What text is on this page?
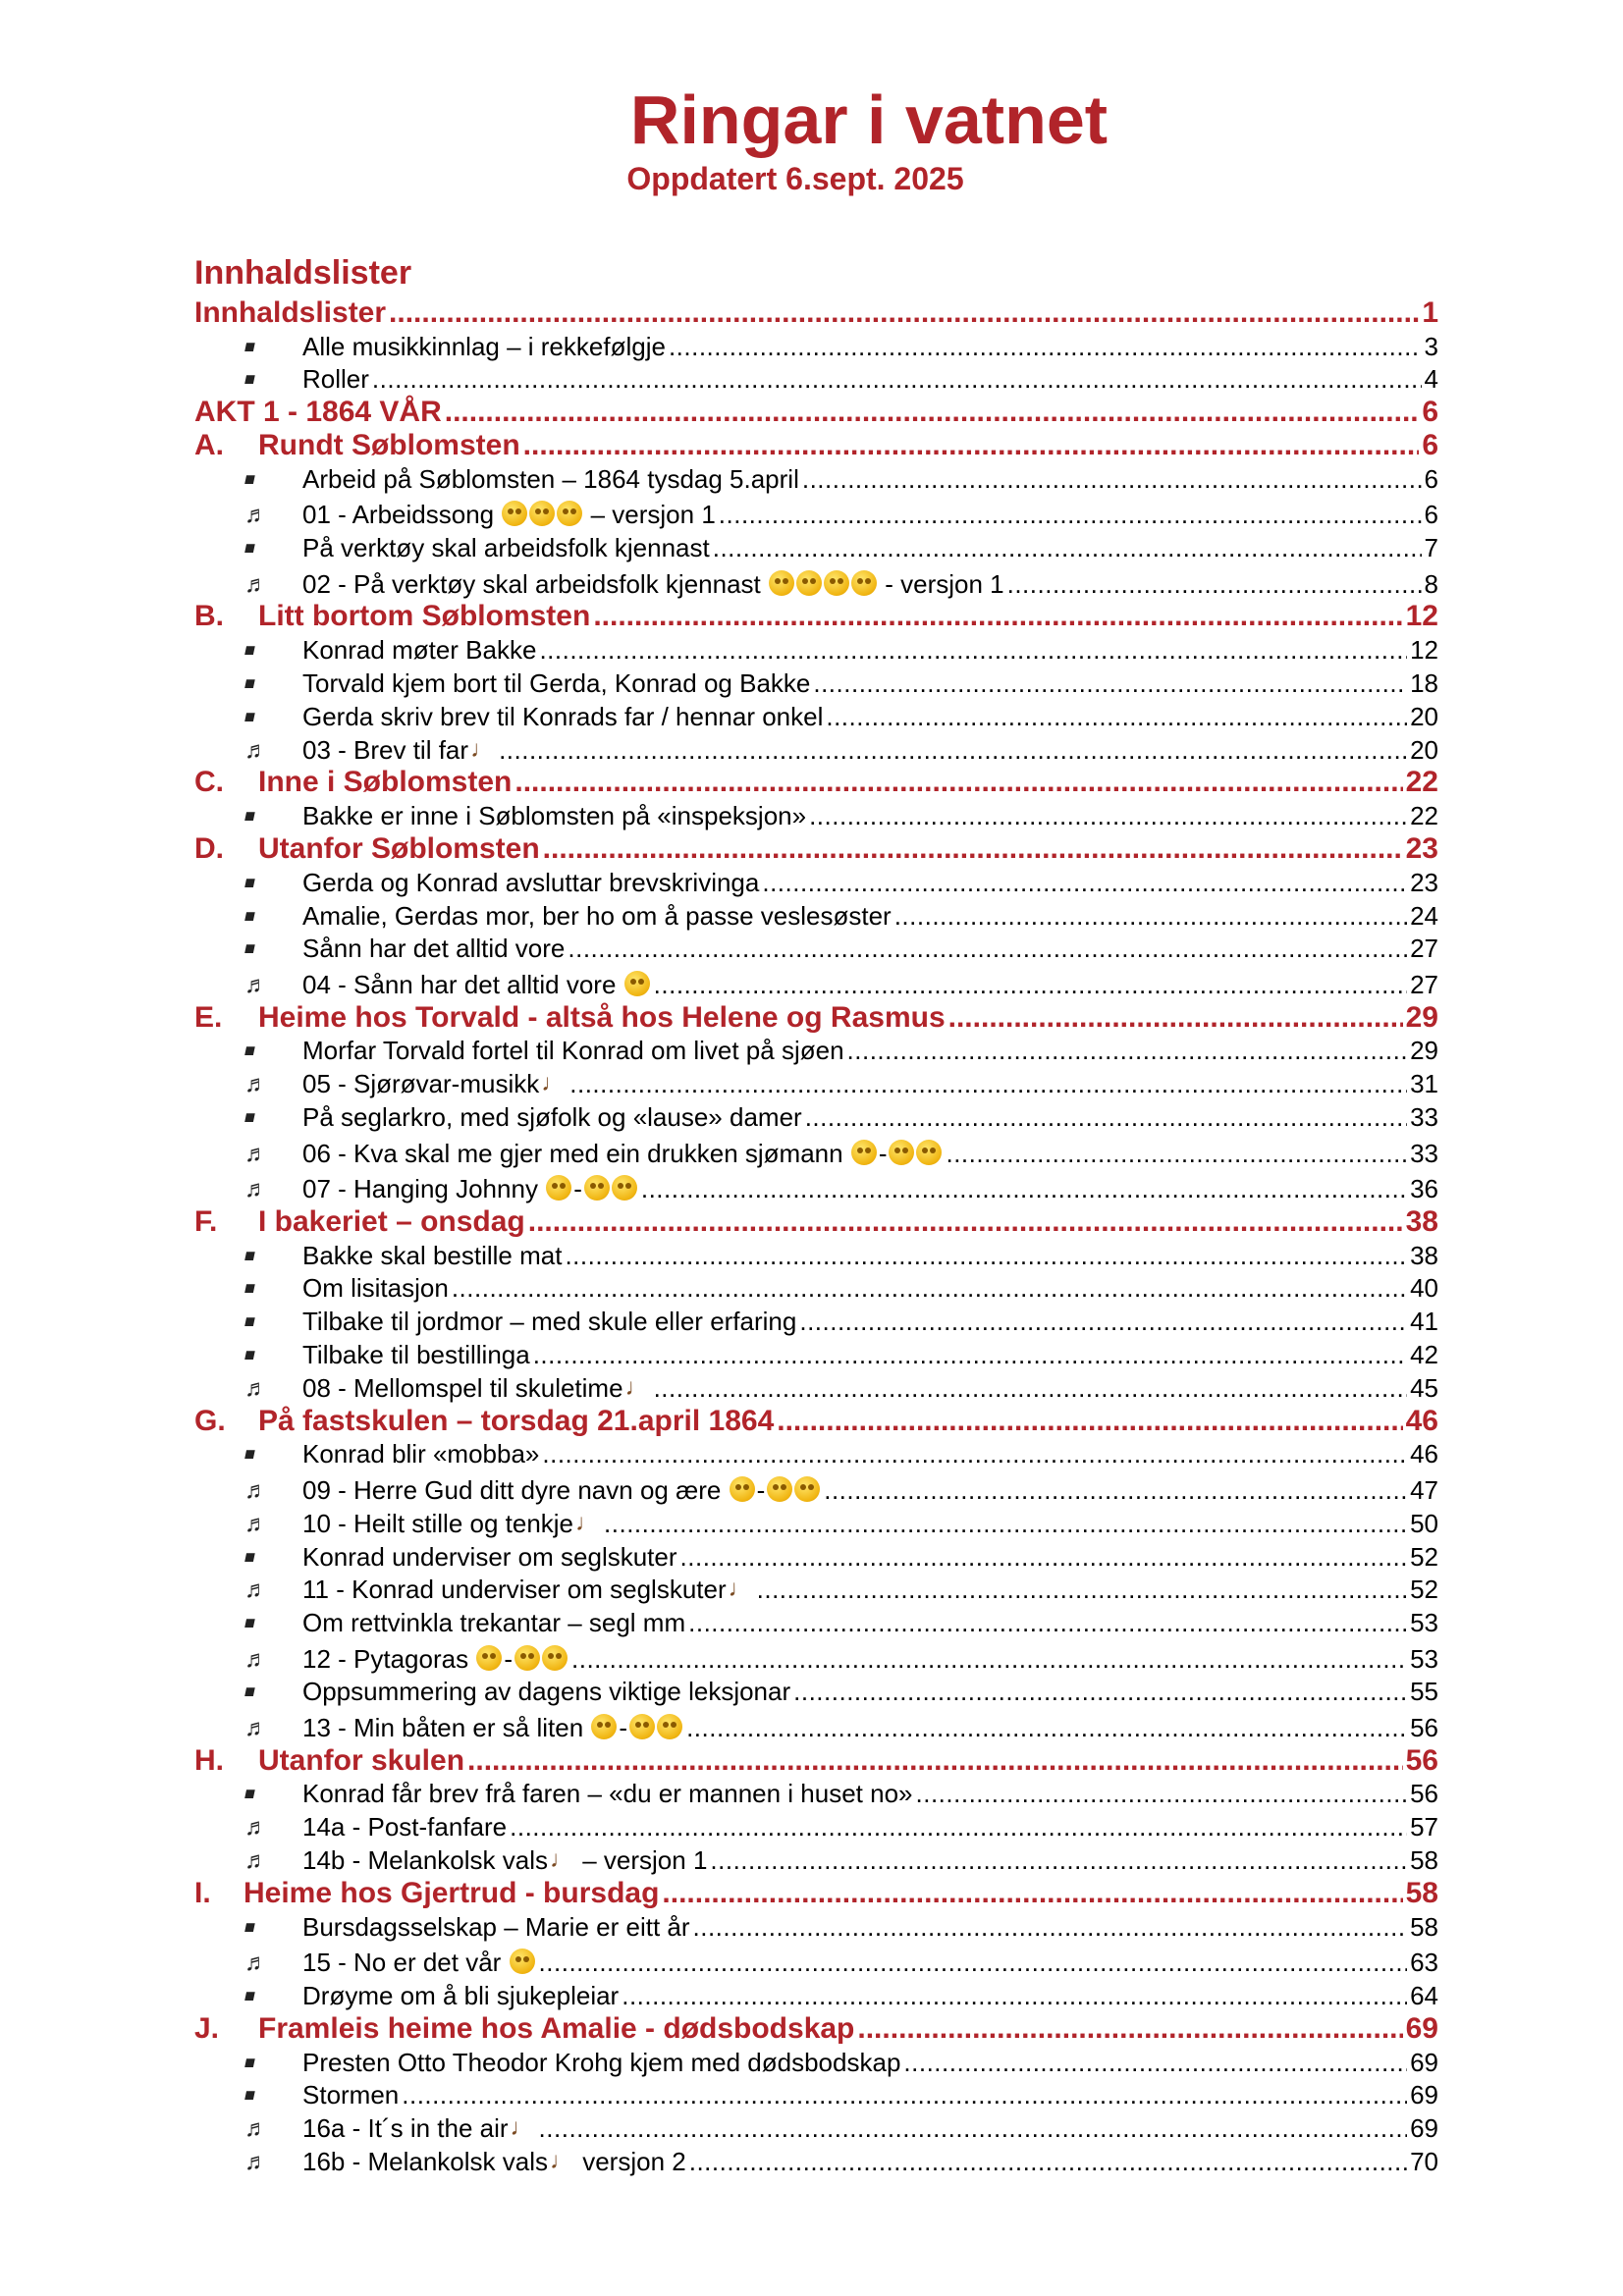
Ringar i vatnet
Oppdatert 6.sept. 2025
Innhaldslister
Innhaldslister .....	1
■	Alle musikkinnlag – i rekkefølgje .....	3
■	Roller .....	4
AKT 1 - 1864 VÅR .....	6
A.	Rundt Søblomsten .....	6
■	Arbeid på Søblomsten – 1864 tysdag 5.april .....	6
♬	01 - Arbeidssong	– versjon 1 .....	6
■	På verktøy skal arbeidsfolk kjennast .....	7
♬	02 - På verktøy skal arbeidsfolk kjennast	- versjon 1 .....	8
B.	Litt bortom Søblomsten .....	12
■	Konrad møter Bakke .....	12
■	Torvald kjem bort til Gerda, Konrad og Bakke .....	18
■	Gerda skriv brev til Konrads far / hennar onkel .....	20
♬	03 - Brev til far♩ .....	20
C.	Inne i Søblomsten .....	22
■	Bakke er inne i Søblomsten på «inspeksjon» .....	22
D.	Utanfor Søblomsten .....	23
■	Gerda og Konrad avsluttar brevskrivinga .....	23
■	Amalie, Gerdas mor, ber ho om å passe veslesøster .....	24
■	Sånn har det alltid vore .....	27
♬	04 - Sånn har det alltid vore .....	27
E.	Heime hos Torvald - altså hos Helene og Rasmus .....	29
■	Morfar Torvald fortel til Konrad om livet på sjøen .....	29
♬	05 - Sjørøvar-musikk♩ .....	31
■	På seglarkro, med sjøfolk og «lause» damer .....	33
♬	06 - Kva skal me gjer med ein drukken sjømann - .....	33
♬	07 - Hanging Johnny - .....	36
F.	I bakeriet – onsdag .....	38
■	Bakke skal bestille mat .....	38
■	Om lisitasjon .....	40
■	Tilbake til jordmor – med skule eller erfaring .....	41
■	Tilbake til bestillinga .....	42
♬	08 - Mellomspel til skuletime♩ .....	45
G.	På fastskulen – torsdag 21.april 1864 .....	46
■	Konrad blir «mobba» .....	46
♬	09 - Herre Gud ditt dyre navn og ære - .....	47
♬	10 - Heilt stille og tenkje♩ .....	50
■	Konrad underviser om seglskuter .....	52
♬	11 - Konrad underviser om seglskuter♩ .....	52
■	Om rettvinkla trekantar – segl mm .....	53
♬	12 - Pytagoras - .....	53
■	Oppsummering av dagens viktige leksjonar .....	55
♬	13 - Min båten er så liten - .....	56
H.	Utanfor skulen .....	56
■	Konrad får brev frå faren – «du er mannen i huset no» .....	56
♬	14a - Post-fanfare .....	57
♬	14b - Melankolsk vals♩ – versjon 1 .....	58
I.	Heime hos Gjertrud - bursdag .....	58
■	Bursdagsselskap – Marie er eitt år .....	58
♬	15 - No er det vår .....	63
■	Drøyme om å bli sjukepleiar .....	64
J.	Framleis heime hos Amalie - dødsbodskap .....	69
■	Presten Otto Theodor Krohg kjem med dødsbodskap .....	69
■	Stormen .....	69
♬	16a - It´s in the air♩ .....	69
♬	16b - Melankolsk vals♩ versjon 2 .....	70
